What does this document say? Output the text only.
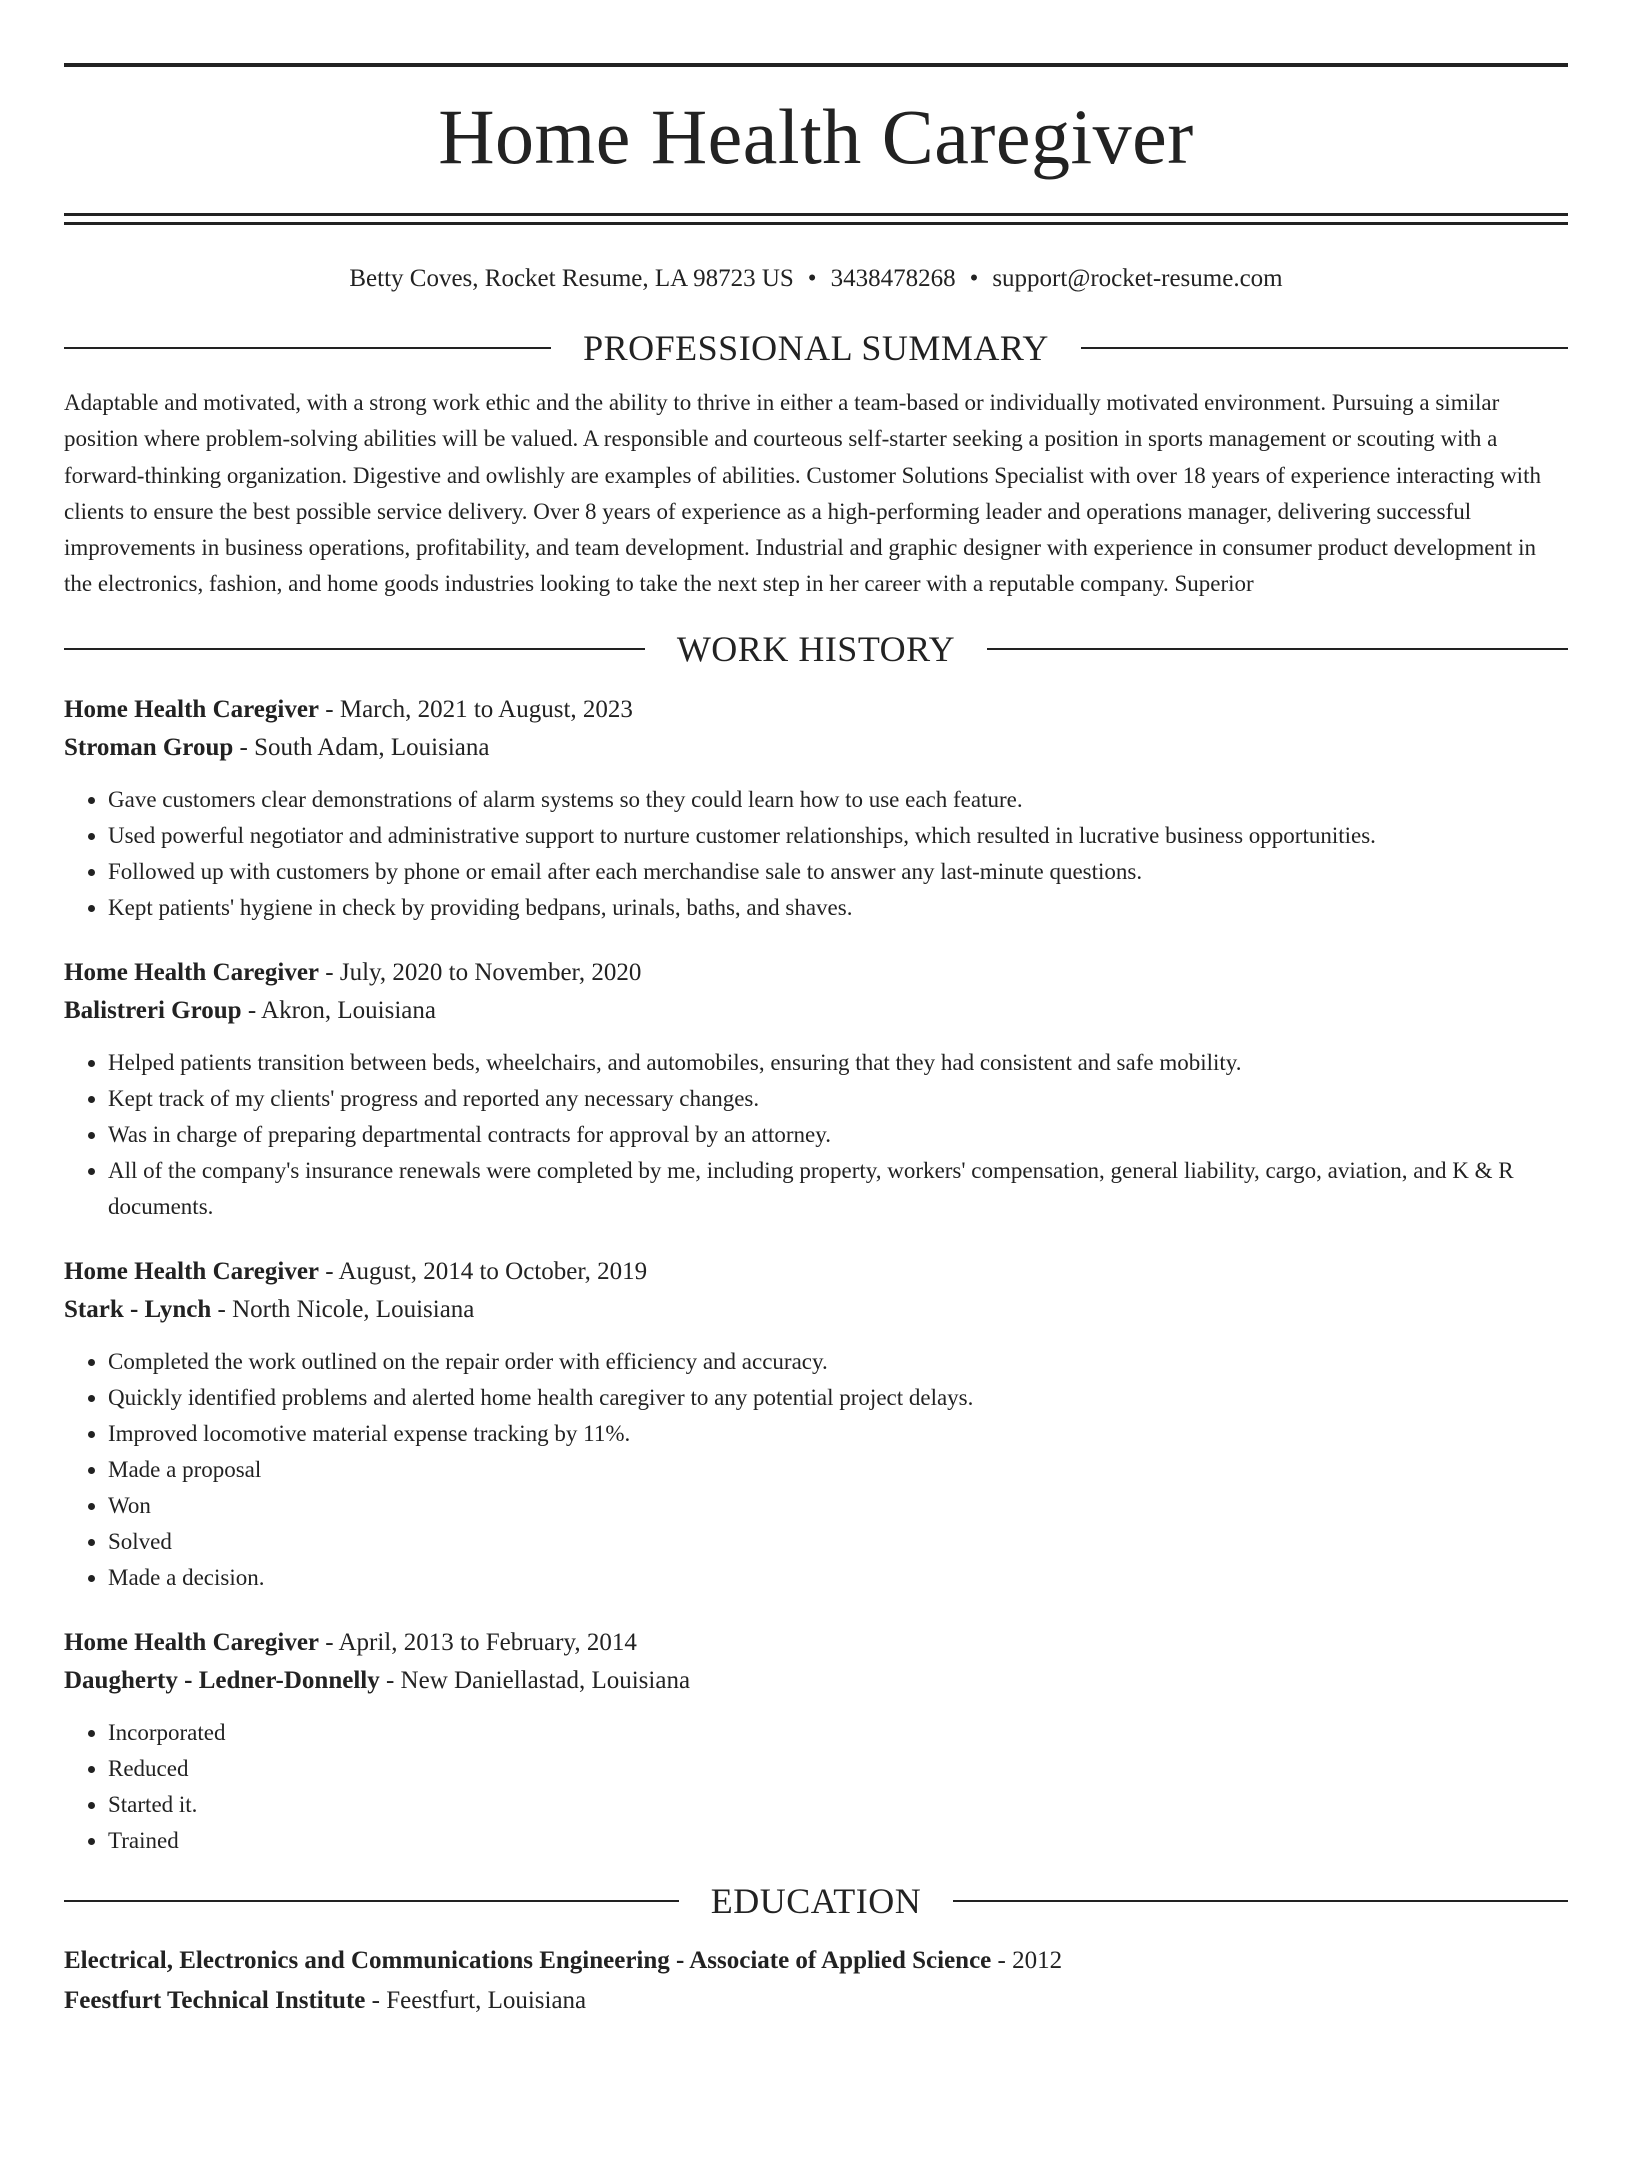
Home Health Caregiver
Betty Coves, Rocket Resume, LA 98723 US • 3438478268 • support@rocket-resume.com
PROFESSIONAL SUMMARY
Adaptable and motivated, with a strong work ethic and the ability to thrive in either a team-based or individually motivated environment. Pursuing a similar position where problem-solving abilities will be valued. A responsible and courteous self-starter seeking a position in sports management or scouting with a forward-thinking organization. Digestive and owlishly are examples of abilities. Customer Solutions Specialist with over 18 years of experience interacting with clients to ensure the best possible service delivery. Over 8 years of experience as a high-performing leader and operations manager, delivering successful improvements in business operations, profitability, and team development. Industrial and graphic designer with experience in consumer product development in the electronics, fashion, and home goods industries looking to take the next step in her career with a reputable company. Superior
WORK HISTORY
Home Health Caregiver - March, 2021 to August, 2023
Stroman Group - South Adam, Louisiana
• Gave customers clear demonstrations of alarm systems so they could learn how to use each feature.
• Used powerful negotiator and administrative support to nurture customer relationships, which resulted in lucrative business opportunities.
• Followed up with customers by phone or email after each merchandise sale to answer any last-minute questions.
• Kept patients' hygiene in check by providing bedpans, urinals, baths, and shaves.
Home Health Caregiver - July, 2020 to November, 2020
Balistreri Group - Akron, Louisiana
• Helped patients transition between beds, wheelchairs, and automobiles, ensuring that they had consistent and safe mobility.
• Kept track of my clients' progress and reported any necessary changes.
• Was in charge of preparing departmental contracts for approval by an attorney.
• All of the company's insurance renewals were completed by me, including property, workers' compensation, general liability, cargo, aviation, and K & R documents.
Home Health Caregiver - August, 2014 to October, 2019
Stark - Lynch - North Nicole, Louisiana
• Completed the work outlined on the repair order with efficiency and accuracy.
• Quickly identified problems and alerted home health caregiver to any potential project delays.
• Improved locomotive material expense tracking by 11%.
• Made a proposal
• Won
• Solved
• Made a decision.
Home Health Caregiver - April, 2013 to February, 2014
Daugherty - Ledner-Donnelly - New Daniellastad, Louisiana
• Incorporated
• Reduced
• Started it.
• Trained
EDUCATION
Electrical, Electronics and Communications Engineering - Associate of Applied Science - 2012
Feestfurt Technical Institute - Feestfurt, Louisiana
